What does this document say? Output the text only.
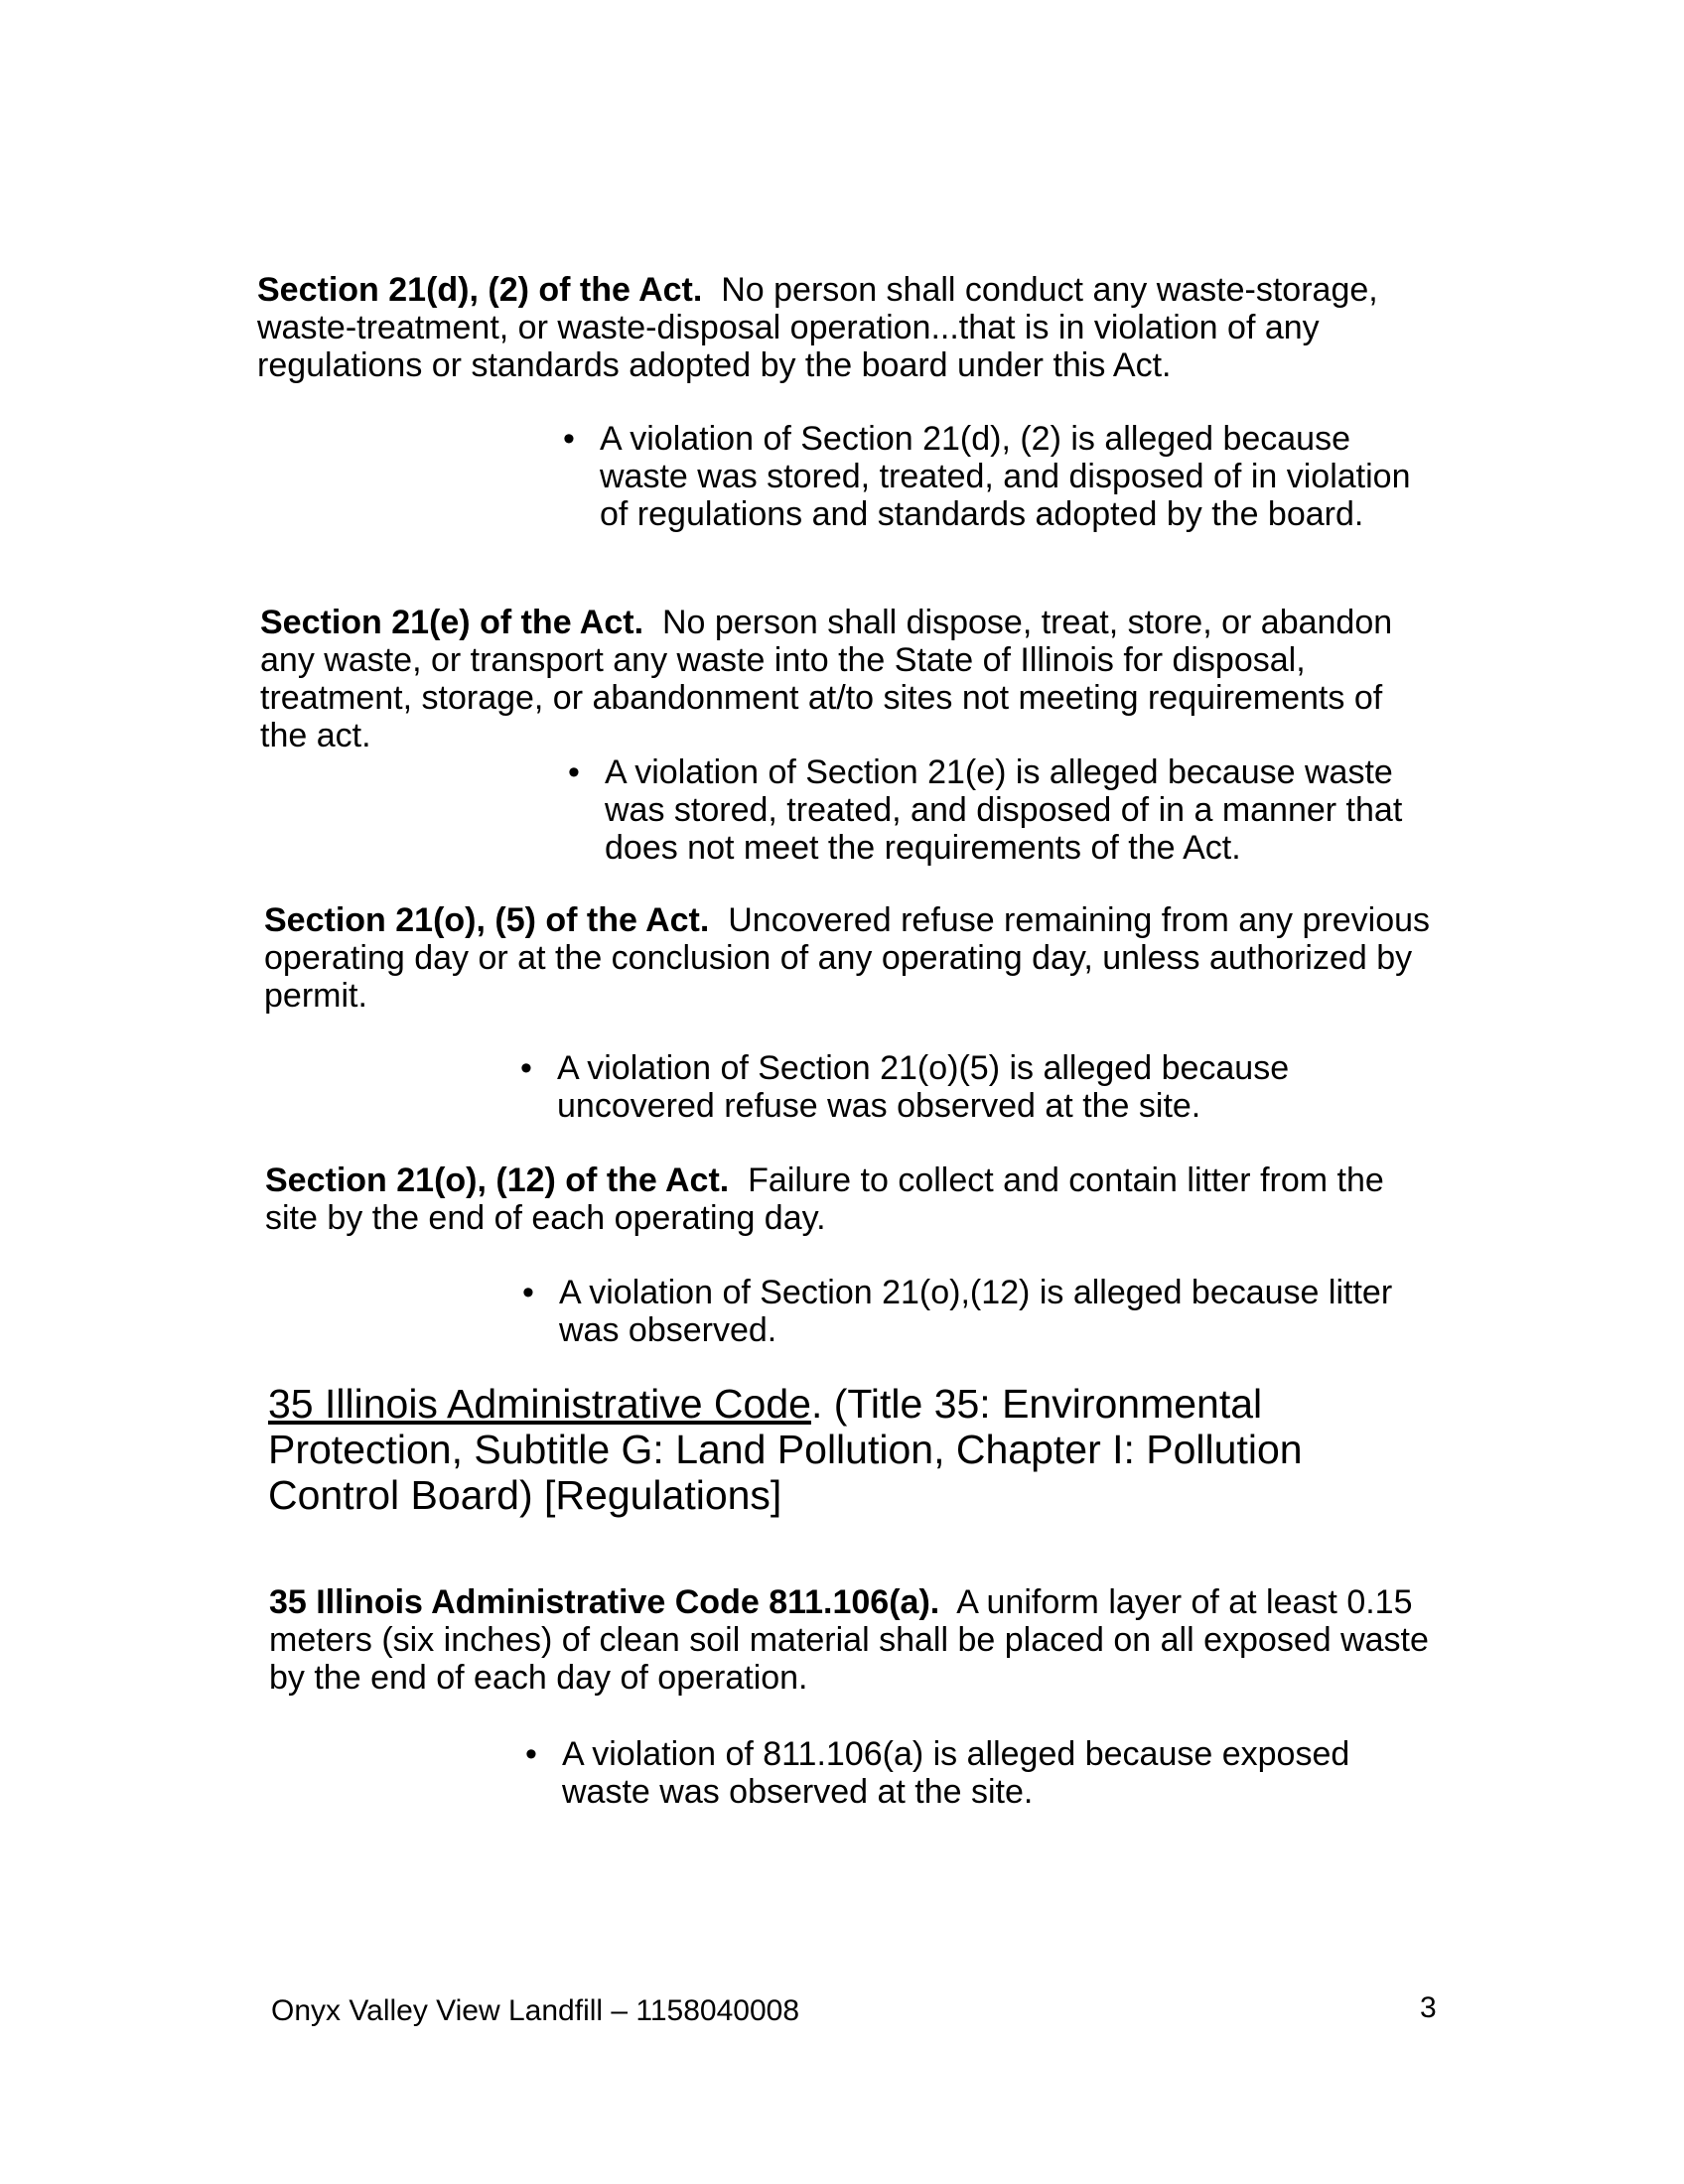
Section 21(d), (2) of the Act. No person shall conduct any waste-storage, waste-treatment, or waste-disposal operation...that is in violation of any regulations or standards adopted by the board under this Act.

• A violation of Section 21(d), (2) is alleged because waste was stored, treated, and disposed of in violation of regulations and standards adopted by the board.

Section 21(e) of the Act. No person shall dispose, treat, store, or abandon any waste, or transport any waste into the State of Illinois for disposal, treatment, storage, or abandonment at/to sites not meeting requirements of the act.

• A violation of Section 21(e) is alleged because waste was stored, treated, and disposed of in a manner that does not meet the requirements of the Act.

Section 21(o), (5) of the Act. Uncovered refuse remaining from any previous operating day or at the conclusion of any operating day, unless authorized by permit.

• A violation of Section 21(o)(5) is alleged because uncovered refuse was observed at the site.

Section 21(o), (12) of the Act. Failure to collect and contain litter from the site by the end of each operating day.

• A violation of Section 21(o),(12) is alleged because litter was observed.

35 Illinois Administrative Code. (Title 35: Environmental Protection, Subtitle G: Land Pollution, Chapter I: Pollution Control Board) [Regulations]

35 Illinois Administrative Code 811.106(a). A uniform layer of at least 0.15 meters (six inches) of clean soil material shall be placed on all exposed waste by the end of each day of operation.

• A violation of 811.106(a) is alleged because exposed waste was observed at the site.

Onyx Valley View Landfill – 1158040008	3
